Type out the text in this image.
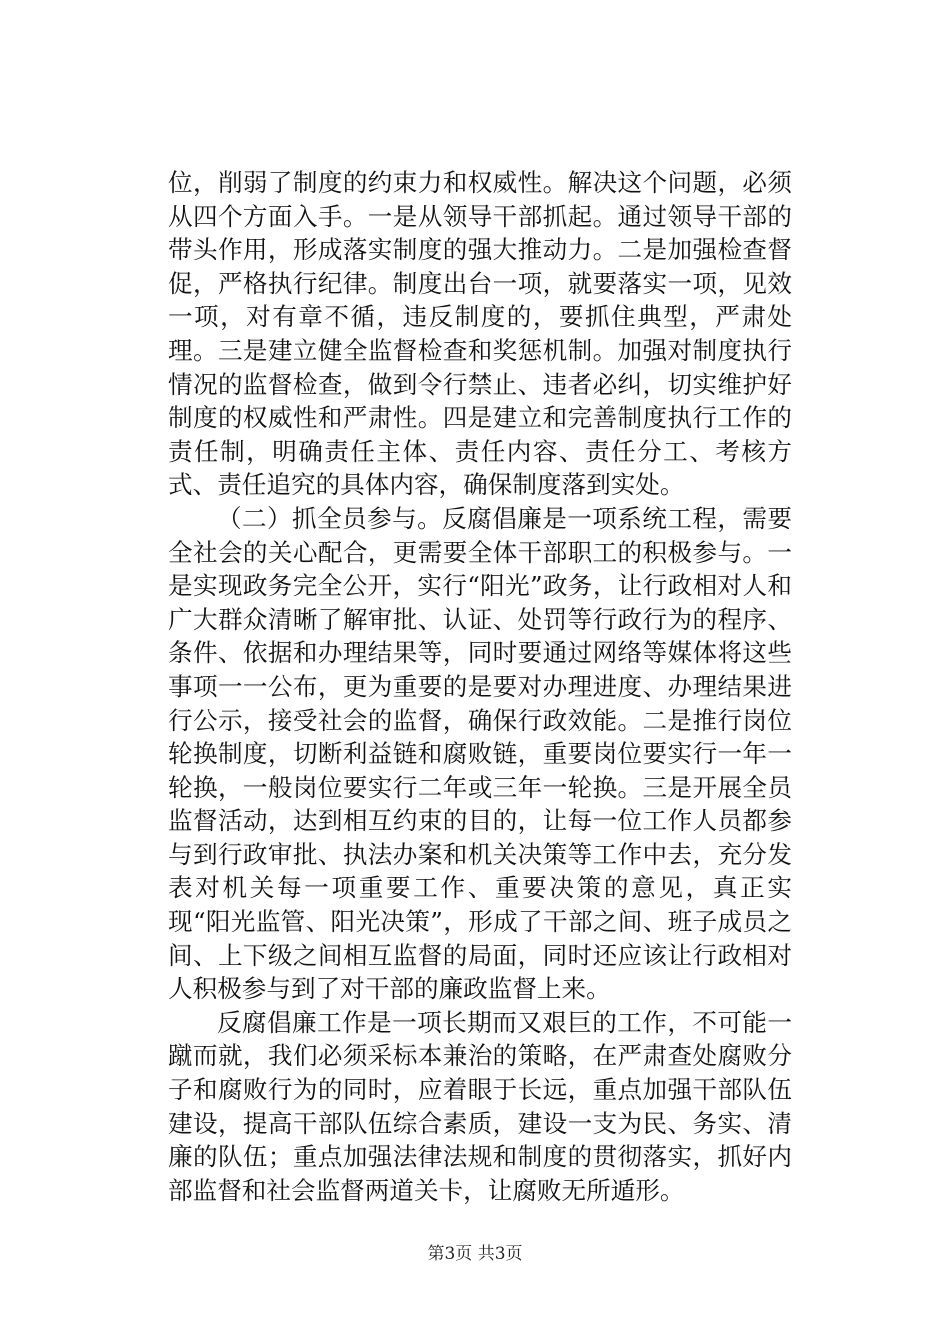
位，削弱了制度的约束力和权威性。解决这个问题，必须从四个方面入手。一是从领导干部抓起。通过领导干部的带头作用，形成落实制度的强大推动力。二是加强检查督促，严格执行纪律。制度出台一项，就要落实一项，见效一项，对有章不循，违反制度的，要抓住典型，严肃处理。三是建立健全监督检查和奖惩机制。加强对制度执行情况的监督检查，做到令行禁止、违者必纠，切实维护好制度的权威性和严肃性。四是建立和完善制度执行工作的责任制，明确责任主体、责任内容、责任分工、考核方式、责任追究的具体内容，确保制度落到实处。

（二）抓全员参与。反腐倡廉是一项系统工程，需要全社会的关心配合，更需要全体干部职工的积极参与。一是实现政务完全公开，实行“阳光”政务，让行政相对人和广大群众清晰了解审批、认证、处罚等行政行为的程序、条件、依据和办理结果等，同时要通过网络等媒体将这些事项一一公布，更为重要的是要对办理进度、办理结果进行公示，接受社会的监督，确保行政效能。二是推行岗位轮换制度，切断利益链和腐败链，重要岗位要实行一年一轮换，一般岗位要实行二年或三年一轮换。三是开展全员监督活动，达到相互约束的目的，让每一位工作人员都参与到行政审批、执法办案和机关决策等工作中去，充分发表对机关每一项重要工作、重要决策的意见，真正实现“阳光监管、阳光决策”，形成了干部之间、班子成员之间、上下级之间相互监督的局面，同时还应该让行政相对人积极参与到了对干部的廉政监督上来。

反腐倡廉工作是一项长期而又艰巨的工作，不可能一蹴而就，我们必须采标本兼治的策略，在严肃查处腐败分子和腐败行为的同时，应着眼于长远，重点加强干部队伍建设，提高干部队伍综合素质，建设一支为民、务实、清廉的队伍；重点加强法律法规和制度的贯彻落实，抓好内部监督和社会监督两道关卡，让腐败无所遁形。

第3页 共3页
